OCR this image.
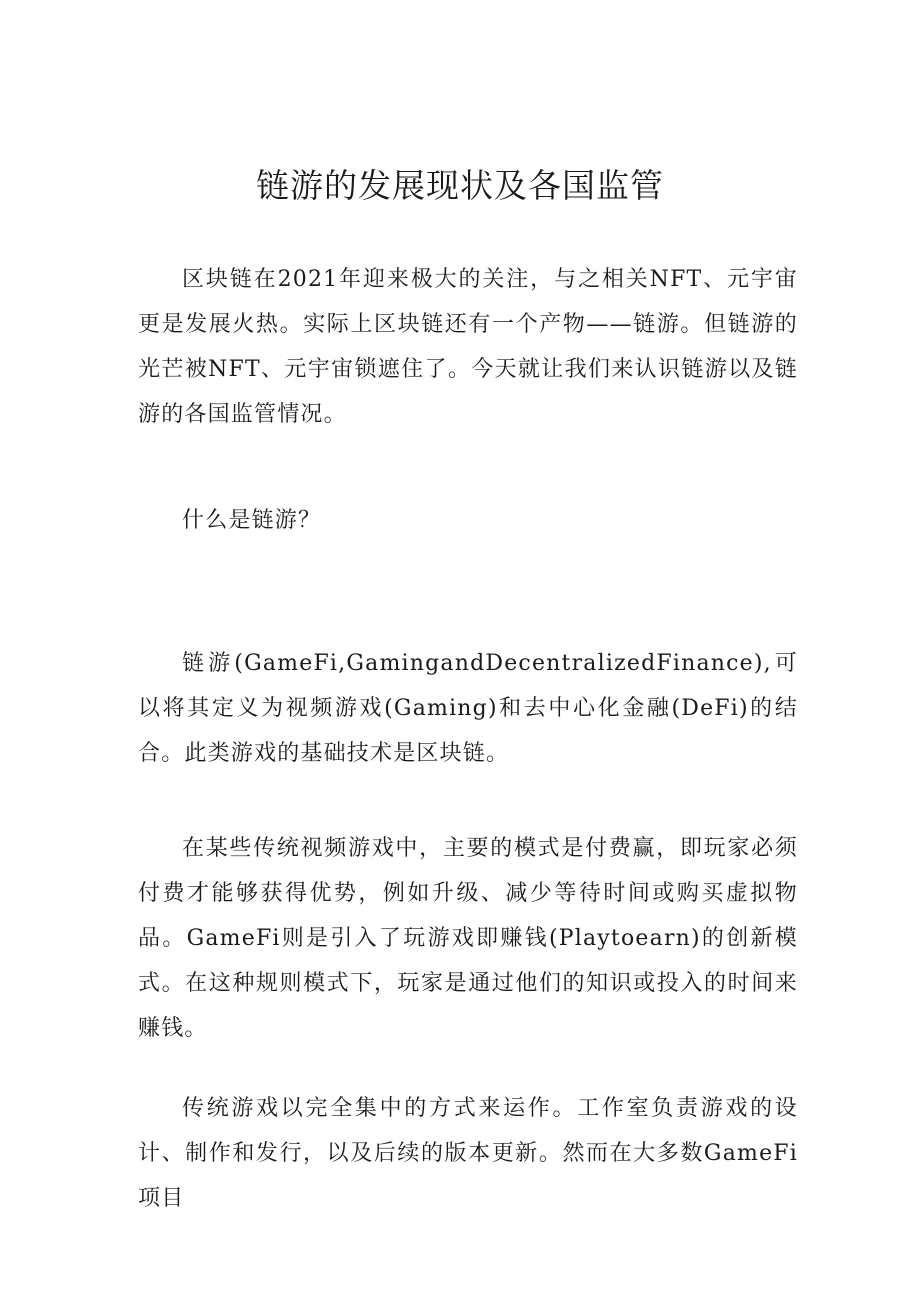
链游的发展现状及各国监管

区块链在2021年迎来极大的关注，与之相关NFT、元宇宙更是发展火热。实际上区块链还有一个产物——链游。但链游的光芒被NFT、元宇宙锁遮住了。今天就让我们来认识链游以及链游的各国监管情况。

什么是链游？

链游(GameFi,GamingandDecentralizedFinance),可以将其定义为视频游戏(Gaming)和去中心化金融(DeFi)的结合。此类游戏的基础技术是区块链。

在某些传统视频游戏中，主要的模式是付费赢，即玩家必须付费才能够获得优势，例如升级、减少等待时间或购买虚拟物品。GameFi则是引入了玩游戏即赚钱(Playtoearn)的创新模式。在这种规则模式下，玩家是通过他们的知识或投入的时间来赚钱。

传统游戏以完全集中的方式来运作。工作室负责游戏的设计、制作和发行，以及后续的版本更新。然而在大多数GameFi项目
